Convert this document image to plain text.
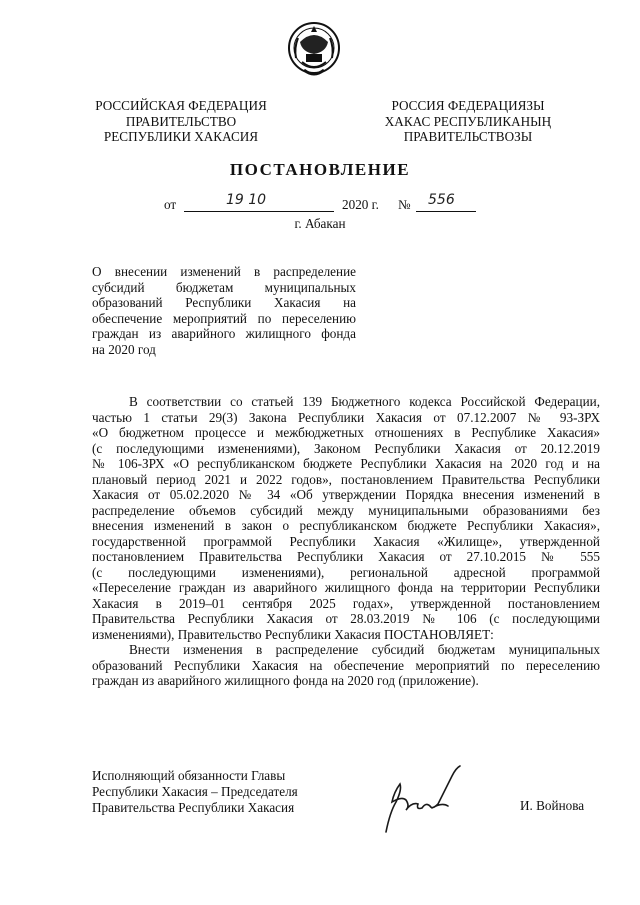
РОССИЙСКАЯ ФЕДЕРАЦИЯ
ПРАВИТЕЛЬСТВО
РЕСПУБЛИКИ ХАКАСИЯ
РОССИЯ ФЕДЕРАЦИЯЗЫ
ХАКАС РЕСПУБЛИКАНЫҢ
ПРАВИТЕЛЬСТВОЗЫ
ПОСТАНОВЛЕНИЕ
от	19 10	2020 г. № 556
г. Абакан
О внесении изменений в распределение
субсидий бюджетам муниципальных
образований Республики Хакасия на
обеспечение мероприятий по переселению
граждан из аварийного жилищного фонда
на 2020 год
В соответствии со статьей 139 Бюджетного кодекса Российской Федерации,
частью 1 статьи 29(3) Закона Республики Хакасия от 07.12.2007 № 93-ЗРХ
«О бюджетном процессе и межбюджетных отношениях в Республике Хакасия»
(с последующими изменениями), Законом Республики Хакасия от 20.12.2019
№ 106-ЗРХ «О республиканском бюджете Республики Хакасия на 2020 год и на
плановый период 2021 и 2022 годов», постановлением Правительства Республики
Хакасия от 05.02.2020 № 34 «Об утверждении Порядка внесения изменений в
распределение объемов субсидий между муниципальными образованиями без
внесения изменений в закон о республиканском бюджете Республики Хакасия»,
государственной программой Республики Хакасия «Жилище», утвержденной
постановлением Правительства Республики Хакасия от 27.10.2015 № 555
(с последующими изменениями), региональной адресной программой
«Переселение граждан из аварийного жилищного фонда на территории Республики
Хакасия в 2019–01 сентября 2025 годах», утвержденной постановлением
Правительства Республики Хакасия от 28.03.2019 № 106 (с последующими
изменениями), Правительство Республики Хакасия ПОСТАНОВЛЯЕТ:
Внести изменения в распределение субсидий бюджетам муниципальных
образований Республики Хакасия на обеспечение мероприятий по переселению
граждан из аварийного жилищного фонда на 2020 год (приложение).
Исполняющий обязанности Главы
Республики Хакасия – Председателя
Правительства Республики Хакасия	И. Войнова
